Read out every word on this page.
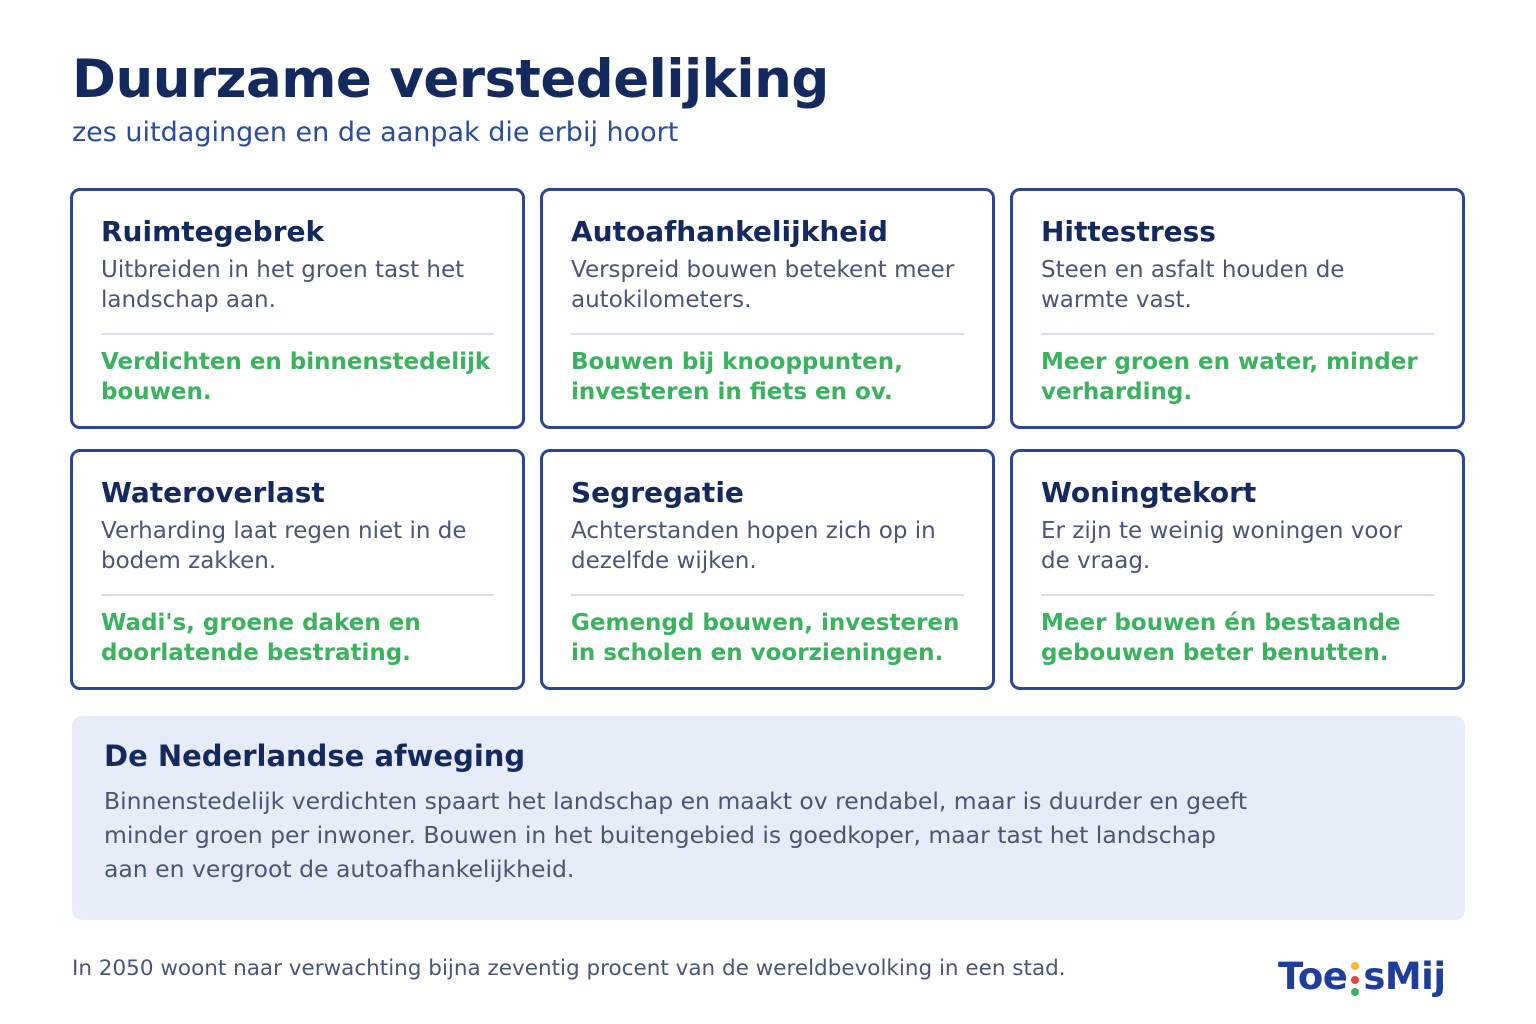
Duurzame verstedelijking
zes uitdagingen en de aanpak die erbij hoort
Ruimtegebrek
Uitbreiden in het groen tast het landschap aan.
Verdichten en binnenstedelijk bouwen.
Autoafhankelijkheid
Verspreid bouwen betekent meer autokilometers.
Bouwen bij knooppunten, investeren in fiets en ov.
Hittestress
Steen en asfalt houden de warmte vast.
Meer groen en water, minder verharding.
Wateroverlast
Verharding laat regen niet in de bodem zakken.
Wadi's, groene daken en doorlatende bestrating.
Segregatie
Achterstanden hopen zich op in dezelfde wijken.
Gemengd bouwen, investeren in scholen en voorzieningen.
Woningtekort
Er zijn te weinig woningen voor de vraag.
Meer bouwen én bestaande gebouwen beter benutten.
De Nederlandse afweging
Binnenstedelijk verdichten spaart het landschap en maakt ov rendabel, maar is duurder en geeft minder groen per inwoner. Bouwen in het buitengebied is goedkoper, maar tast het landschap aan en vergroot de autoafhankelijkheid.
In 2050 woont naar verwachting bijna zeventig procent van de wereldbevolking in een stad.	Toe sMij
